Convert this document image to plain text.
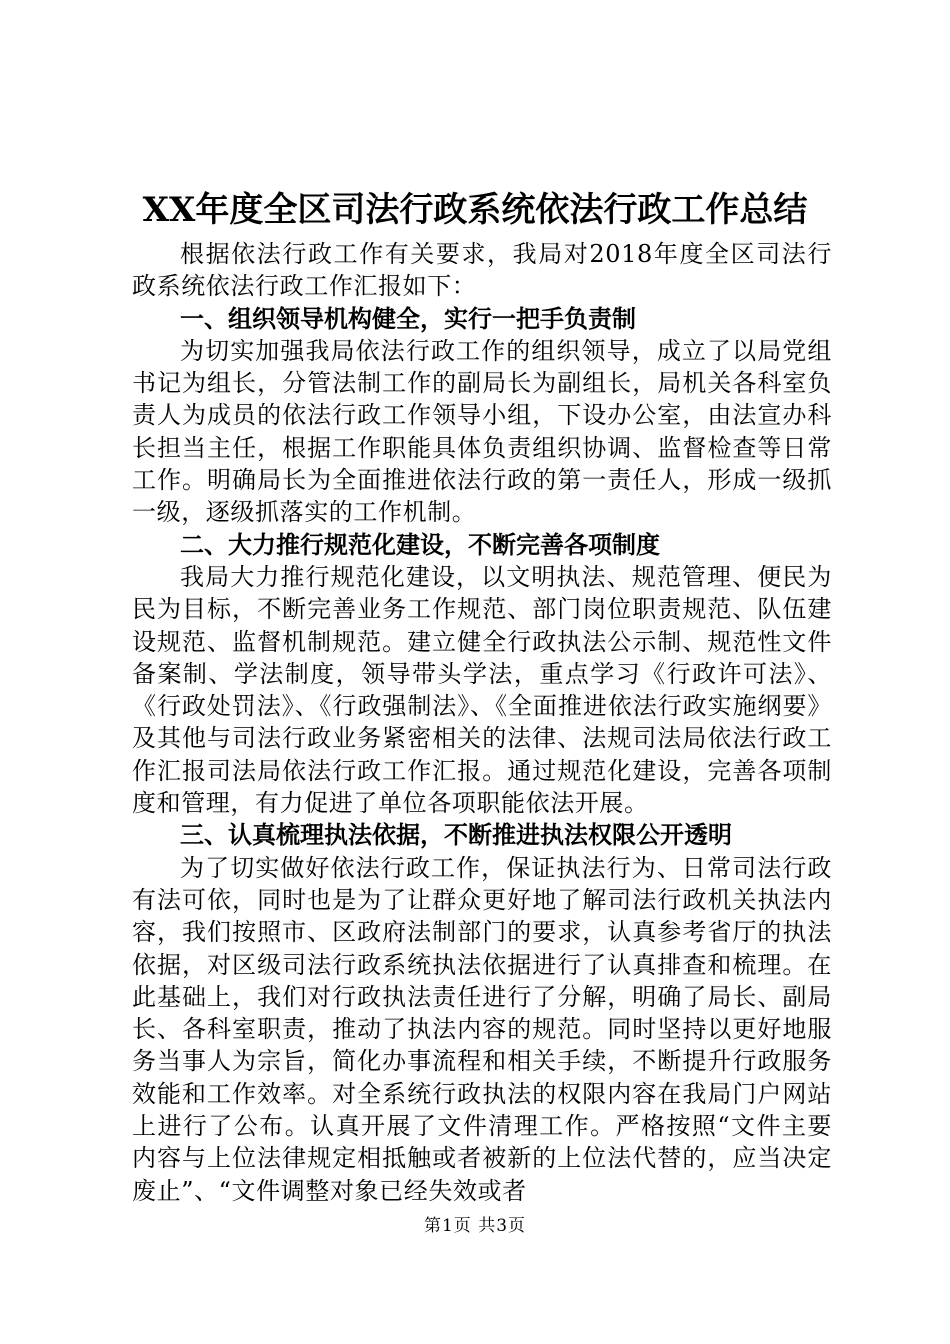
XX年度全区司法行政系统依法行政工作总结

根据依法行政工作有关要求，我局对2018年度全区司法行政系统依法行政工作汇报如下：

一、组织领导机构健全，实行一把手负责制

为切实加强我局依法行政工作的组织领导，成立了以局党组书记为组长，分管法制工作的副局长为副组长，局机关各科室负责人为成员的依法行政工作领导小组，下设办公室，由法宣办科长担当主任，根据工作职能具体负责组织协调、监督检查等日常工作。明确局长为全面推进依法行政的第一责任人，形成一级抓一级，逐级抓落实的工作机制。

二、大力推行规范化建设，不断完善各项制度

我局大力推行规范化建设，以文明执法、规范管理、便民为民为目标，不断完善业务工作规范、部门岗位职责规范、队伍建设规范、监督机制规范。建立健全行政执法公示制、规范性文件备案制、学法制度，领导带头学法，重点学习《行政许可法》、《行政处罚法》、《行政强制法》、《全面推进依法行政实施纲要》及其他与司法行政业务紧密相关的法律、法规司法局依法行政工作汇报司法局依法行政工作汇报。通过规范化建设，完善各项制度和管理，有力促进了单位各项职能依法开展。

三、认真梳理执法依据，不断推进执法权限公开透明

为了切实做好依法行政工作，保证执法行为、日常司法行政有法可依，同时也是为了让群众更好地了解司法行政机关执法内容，我们按照市、区政府法制部门的要求，认真参考省厅的执法依据，对区级司法行政系统执法依据进行了认真排查和梳理。在此基础上，我们对行政执法责任进行了分解，明确了局长、副局长、各科室职责，推动了执法内容的规范。同时坚持以更好地服务当事人为宗旨，简化办事流程和相关手续，不断提升行政服务效能和工作效率。对全系统行政执法的权限内容在我局门户网站上进行了公布。认真开展了文件清理工作。严格按照“文件主要内容与上位法律规定相抵触或者被新的上位法代替的，应当决定废止”、“文件调整对象已经失效或者

第1页 共3页
